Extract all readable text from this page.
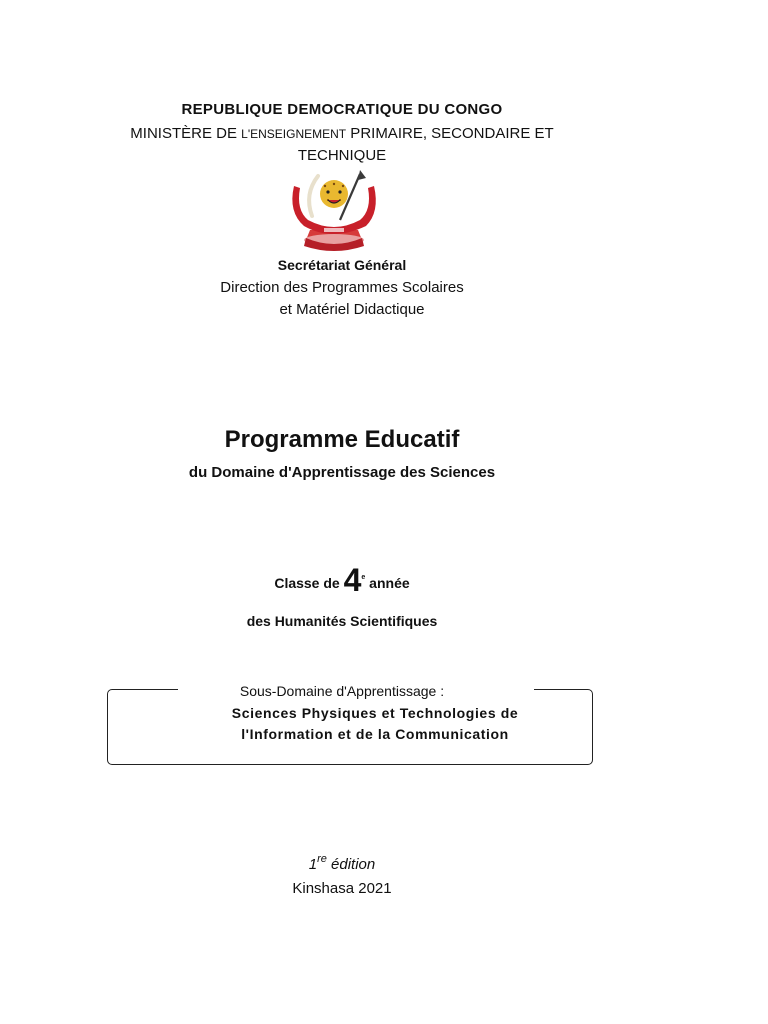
REPUBLIQUE DEMOCRATIQUE DU CONGO
MINISTÈRE DE L'ENSEIGNEMENT PRIMAIRE, SECONDAIRE ET
TECHNIQUE
Secrétariat Général
Direction des Programmes Scolaires
et Matériel Didactique
Programme Educatif
du Domaine d'Apprentissage des Sciences
Classe de 4e année
des Humanités Scientifiques
Sous-Domaine d'Apprentissage :
Sciences Physiques et Technologies de
l'Information et de la Communication
1re édition
Kinshasa 2021
